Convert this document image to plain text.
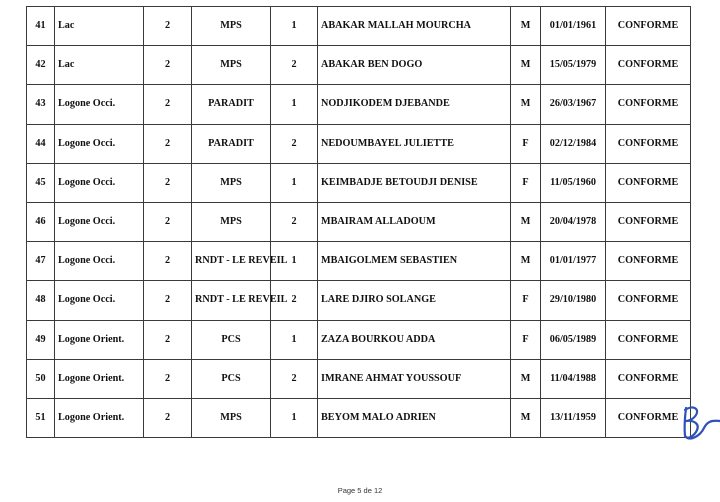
41	Lac	2	MPS	1	ABAKAR MALLAH MOURCHA	M	01/01/1961	CONFORME
42	Lac	2	MPS	2	ABAKAR BEN DOGO	M	15/05/1979	CONFORME
43	Logone Occi.	2	PARADIT	1	NODJIKODEM DJEBANDE	M	26/03/1967	CONFORME
44	Logone Occi.	2	PARADIT	2	NEDOUMBAYEL JULIETTE	F	02/12/1984	CONFORME
45	Logone Occi.	2	MPS	1	KEIMBADJE BETOUDJI DENISE	F	11/05/1960	CONFORME
46	Logone Occi.	2	MPS	2	MBAIRAM ALLADOUM	M	20/04/1978	CONFORME
47	Logone Occi.	2	RNDT - LE REVEIL	1	MBAIGOLMEM SEBASTIEN	M	01/01/1977	CONFORME
48	Logone Occi.	2	RNDT - LE REVEIL	2	LARE DJIRO SOLANGE	F	29/10/1980	CONFORME
49	Logone Orient.	2	PCS	1	ZAZA BOURKOU ADDA	F	06/05/1989	CONFORME
50	Logone Orient.	2	PCS	2	IMRANE AHMAT YOUSSOUF	M	11/04/1988	CONFORME
51	Logone Orient.	2	MPS	1	BEYOM MALO ADRIEN	M	13/11/1959	CONFORME
Page 5 de 12
